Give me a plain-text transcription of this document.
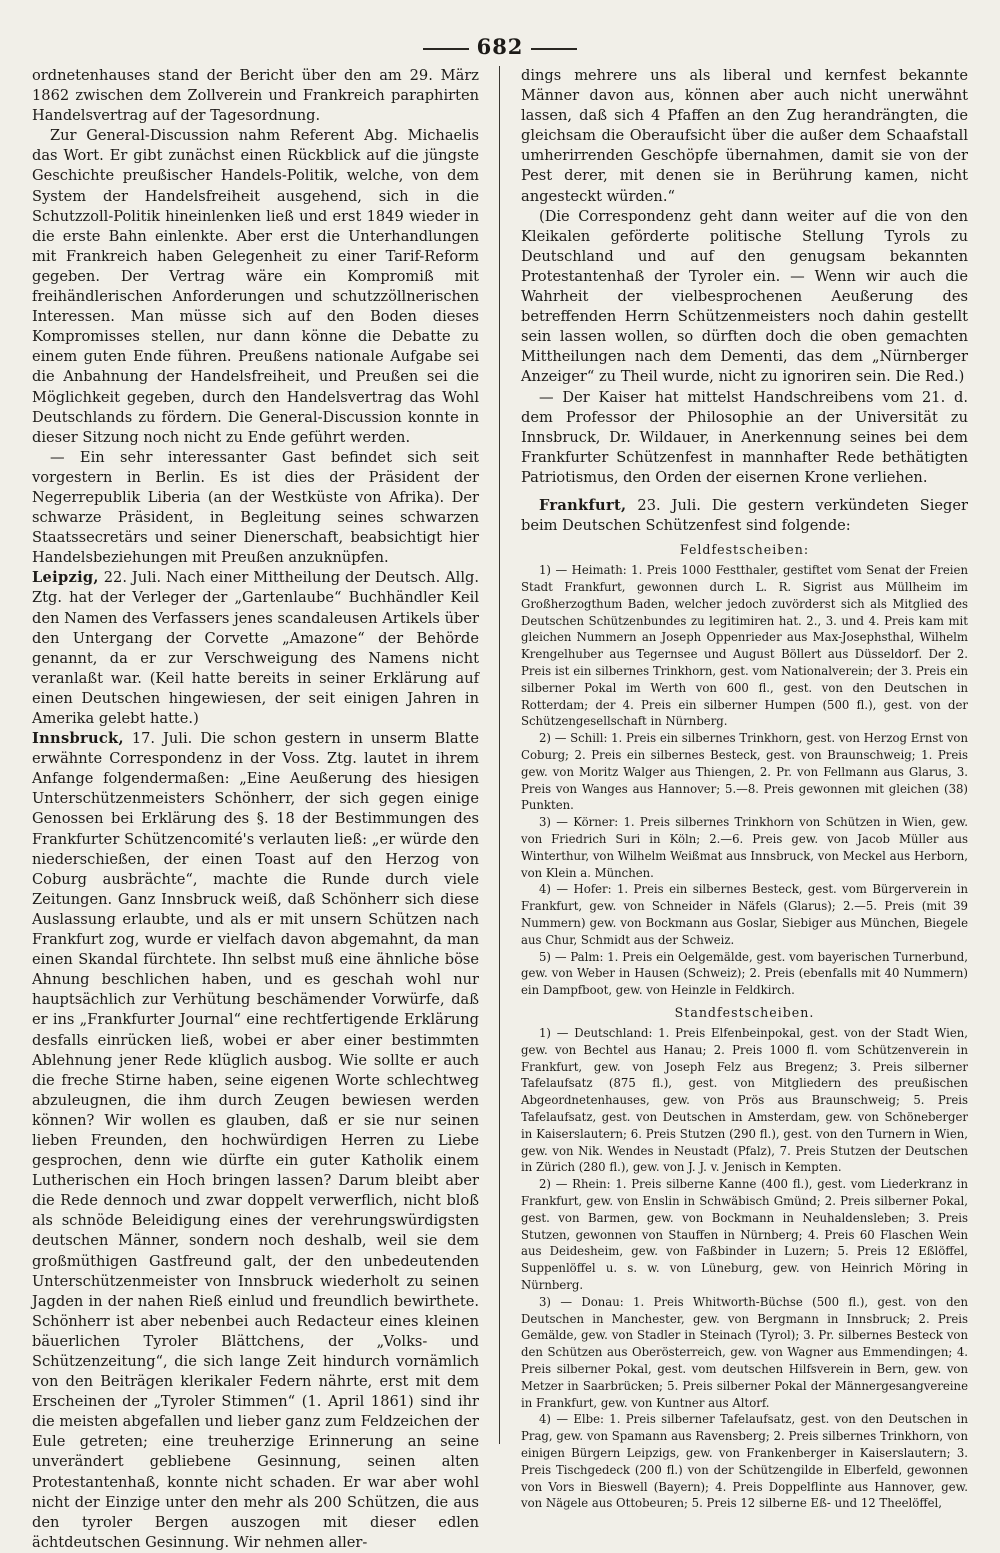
682

ordnetenhauses stand der Bericht über den am 29. März 1862 zwischen dem Zollverein und Frankreich paraphirten Handelsvertrag auf der Tagesordnung.

Zur General-Discussion nahm Referent Abg. Michaelis das Wort. Er gibt zunächst einen Rückblick auf die jüngste Geschichte preußischer Handels-Politik, welche, von dem System der Handelsfreiheit ausgehend, sich in die Schutzzoll-Politik hineinlenken ließ und erst 1849 wieder in die erste Bahn einlenkte. Aber erst die Unterhandlungen mit Frankreich haben Gelegenheit zu einer Tarif-Reform gegeben. Der Vertrag wäre ein Kompromiß mit freihändlerischen Anforderungen und schutzzöllnerischen Interessen. Man müsse sich auf den Boden dieses Kompromisses stellen, nur dann könne die Debatte zu einem guten Ende führen. Preußens nationale Aufgabe sei die Anbahnung der Handelsfreiheit, und Preußen sei die Möglichkeit gegeben, durch den Handelsvertrag das Wohl Deutschlands zu fördern. Die General-Discussion konnte in dieser Sitzung noch nicht zu Ende geführt werden.

— Ein sehr interessanter Gast befindet sich seit vorgestern in Berlin. Es ist dies der Präsident der Negerrepublik Liberia (an der Westküste von Afrika). Der schwarze Präsident, in Begleitung seines schwarzen Staatssecretärs und seiner Dienerschaft, beabsichtigt hier Handelsbeziehungen mit Preußen anzuknüpfen.

Leipzig, 22. Juli. Nach einer Mittheilung der Deutsch. Allg. Ztg. hat der Verleger der „Gartenlaube“ Buchhändler Keil den Namen des Verfassers jenes scandaleusen Artikels über den Untergang der Corvette „Amazone“ der Behörde genannt, da er zur Verschweigung des Namens nicht veranlaßt war. (Keil hatte bereits in seiner Erklärung auf einen Deutschen hingewiesen, der seit einigen Jahren in Amerika gelebt hatte.)

Innsbruck, 17. Juli. Die schon gestern in unserm Blatte erwähnte Correspondenz in der Voss. Ztg. lautet in ihrem Anfange folgendermaßen: „Eine Aeußerung des hiesigen Unterschützenmeisters Schönherr, der sich gegen einige Genossen bei Erklärung des §. 18 der Bestimmungen des Frankfurter Schützencomité's verlauten ließ: „er würde den niederschießen, der einen Toast auf den Herzog von Coburg ausbrächte“, machte die Runde durch viele Zeitungen. Ganz Innsbruck weiß, daß Schönherr sich diese Auslassung erlaubte, und als er mit unsern Schützen nach Frankfurt zog, wurde er vielfach davon abgemahnt, da man einen Skandal fürchtete. Ihn selbst muß eine ähnliche böse Ahnung beschlichen haben, und es geschah wohl nur hauptsächlich zur Verhütung beschämender Vorwürfe, daß er ins „Frankfurter Journal“ eine rechtfertigende Erklärung desfalls einrücken ließ, wobei er aber einer bestimmten Ablehnung jener Rede klüglich ausbog. Wie sollte er auch die freche Stirne haben, seine eigenen Worte schlechtweg abzuleugnen, die ihm durch Zeugen bewiesen werden können? Wir wollen es glauben, daß er sie nur seinen lieben Freunden, den hochwürdigen Herren zu Liebe gesprochen, denn wie dürfte ein guter Katholik einem Lutherischen ein Hoch bringen lassen? Darum bleibt aber die Rede dennoch und zwar doppelt verwerflich, nicht bloß als schnöde Beleidigung eines der verehrungswürdigsten deutschen Männer, sondern noch deshalb, weil sie dem großmüthigen Gastfreund galt, der den unbedeutenden Unterschützenmeister von Innsbruck wiederholt zu seinen Jagden in der nahen Rieß einlud und freundlich bewirthete. Schönherr ist aber nebenbei auch Redacteur eines kleinen bäuerlichen Tyroler Blättchens, der „Volks- und Schützenzeitung“, die sich lange Zeit hindurch vornämlich von den Beiträgen klerikaler Federn nährte, erst mit dem Erscheinen der „Tyroler Stimmen“ (1. April 1861) sind ihr die meisten abgefallen und lieber ganz zum Feldzeichen der Eule getreten; eine treuherzige Erinnerung an seine unverändert gebliebene Gesinnung, seinen alten Protestantenhaß, konnte nicht schaden. Er war aber wohl nicht der Einzige unter den mehr als 200 Schützen, die aus den tyroler Bergen auszogen mit dieser edlen ächtdeutschen Gesinnung. Wir nehmen aller-

dings mehrere uns als liberal und kernfest bekannte Männer davon aus, können aber auch nicht unerwähnt lassen, daß sich 4 Pfaffen an den Zug herandrängten, die gleichsam die Oberaufsicht über die außer dem Schaafstall umherirrenden Geschöpfe übernahmen, damit sie von der Pest derer, mit denen sie in Berührung kamen, nicht angesteckt würden.“

(Die Correspondenz geht dann weiter auf die von den Kleikalen geförderte politische Stellung Tyrols zu Deutschland und auf den genugsam bekannten Protestantenhaß der Tyroler ein. — Wenn wir auch die Wahrheit der vielbesprochenen Aeußerung des betreffenden Herrn Schützenmeisters noch dahin gestellt sein lassen wollen, so dürften doch die oben gemachten Mittheilungen nach dem Dementi, das dem „Nürnberger Anzeiger“ zu Theil wurde, nicht zu ignoriren sein. Die Red.)

— Der Kaiser hat mittelst Handschreibens vom 21. d. dem Professor der Philosophie an der Universität zu Innsbruck, Dr. Wildauer, in Anerkennung seines bei dem Frankfurter Schützenfest in mannhafter Rede bethätigten Patriotismus, den Orden der eisernen Krone verliehen.

Frankfurt, 23. Juli. Die gestern verkündeten Sieger beim Deutschen Schützenfest sind folgende:

Feldfestscheiben:

1) — Heimath: 1. Preis 1000 Festthaler, gestiftet vom Senat der Freien Stadt Frankfurt, gewonnen durch L. R. Sigrist aus Müllheim im Großherzogthum Baden, welcher jedoch zuvörderst sich als Mitglied des Deutschen Schützenbundes zu legitimiren hat. 2., 3. und 4. Preis kam mit gleichen Nummern an Joseph Oppenrieder aus Max-Josephsthal, Wilhelm Krengelhuber aus Tegernsee und August Böllert aus Düsseldorf. Der 2. Preis ist ein silbernes Trinkhorn, gest. vom Nationalverein; der 3. Preis ein silberner Pokal im Werth von 600 fl., gest. von den Deutschen in Rotterdam; der 4. Preis ein silberner Humpen (500 fl.), gest. von der Schützengesellschaft in Nürnberg.

2) — Schill: 1. Preis ein silbernes Trinkhorn, gest. von Herzog Ernst von Coburg; 2. Preis ein silbernes Besteck, gest. von Braunschweig; 1. Preis gew. von Moritz Walger aus Thiengen, 2. Pr. von Fellmann aus Glarus, 3. Preis von Wanges aus Hannover; 5.—8. Preis gewonnen mit gleichen (38) Punkten.

3) — Körner: 1. Preis silbernes Trinkhorn von Schützen in Wien, gew. von Friedrich Suri in Köln; 2.—6. Preis gew. von Jacob Müller aus Winterthur, von Wilhelm Weißmat aus Innsbruck, von Meckel aus Herborn, von Klein a. München.

4) — Hofer: 1. Preis ein silbernes Besteck, gest. vom Bürgerverein in Frankfurt, gew. von Schneider in Näfels (Glarus); 2.—5. Preis (mit 39 Nummern) gew. von Bockmann aus Goslar, Siebiger aus München, Biegele aus Chur, Schmidt aus der Schweiz.

5) — Palm: 1. Preis ein Oelgemälde, gest. vom bayerischen Turnerbund, gew. von Weber in Hausen (Schweiz); 2. Preis (ebenfalls mit 40 Nummern) ein Dampfboot, gew. von Heinzle in Feldkirch.

Standfestscheiben.

1) — Deutschland: 1. Preis Elfenbeinpokal, gest. von der Stadt Wien, gew. von Bechtel aus Hanau; 2. Preis 1000 fl. vom Schützenverein in Frankfurt, gew. von Joseph Felz aus Bregenz; 3. Preis silberner Tafelaufsatz (875 fl.), gest. von Mitgliedern des preußischen Abgeordnetenhauses, gew. von Prös aus Braunschweig; 5. Preis Tafelaufsatz, gest. von Deutschen in Amsterdam, gew. von Schöneberger in Kaiserslautern; 6. Preis Stutzen (290 fl.), gest. von den Turnern in Wien, gew. von Nik. Wendes in Neustadt (Pfalz), 7. Preis Stutzen der Deutschen in Zürich (280 fl.), gew. von J. J. v. Jenisch in Kempten.

2) — Rhein: 1. Preis silberne Kanne (400 fl.), gest. vom Liederkranz in Frankfurt, gew. von Enslin in Schwäbisch Gmünd; 2. Preis silberner Pokal, gest. von Barmen, gew. von Bockmann in Neuhaldensleben; 3. Preis Stutzen, gewonnen von Stauffen in Nürnberg; 4. Preis 60 Flaschen Wein aus Deidesheim, gew. von Faßbinder in Luzern; 5. Preis 12 Eßlöffel, Suppenlöffel u. s. w. von Lüneburg, gew. von Heinrich Möring in Nürnberg.

3) — Donau: 1. Preis Whitworth-Büchse (500 fl.), gest. von den Deutschen in Manchester, gew. von Bergmann in Innsbruck; 2. Preis Gemälde, gew. von Stadler in Steinach (Tyrol); 3. Pr. silbernes Besteck von den Schützen aus Oberösterreich, gew. von Wagner aus Emmendingen; 4. Preis silberner Pokal, gest. vom deutschen Hilfsverein in Bern, gew. von Metzer in Saarbrücken; 5. Preis silberner Pokal der Männergesangvereine in Frankfurt, gew. von Kuntner aus Altorf.

4) — Elbe: 1. Preis silberner Tafelaufsatz, gest. von den Deutschen in Prag, gew. von Spamann aus Ravensberg; 2. Preis silbernes Trinkhorn, von einigen Bürgern Leipzigs, gew. von Frankenberger in Kaiserslautern; 3. Preis Tischgedeck (200 fl.) von der Schützengilde in Elberfeld, gewonnen von Vors in Bieswell (Bayern); 4. Preis Doppelflinte aus Hannover, gew. von Nägele aus Ottobeuren; 5. Preis 12 silberne Eß- und 12 Theelöffel,
